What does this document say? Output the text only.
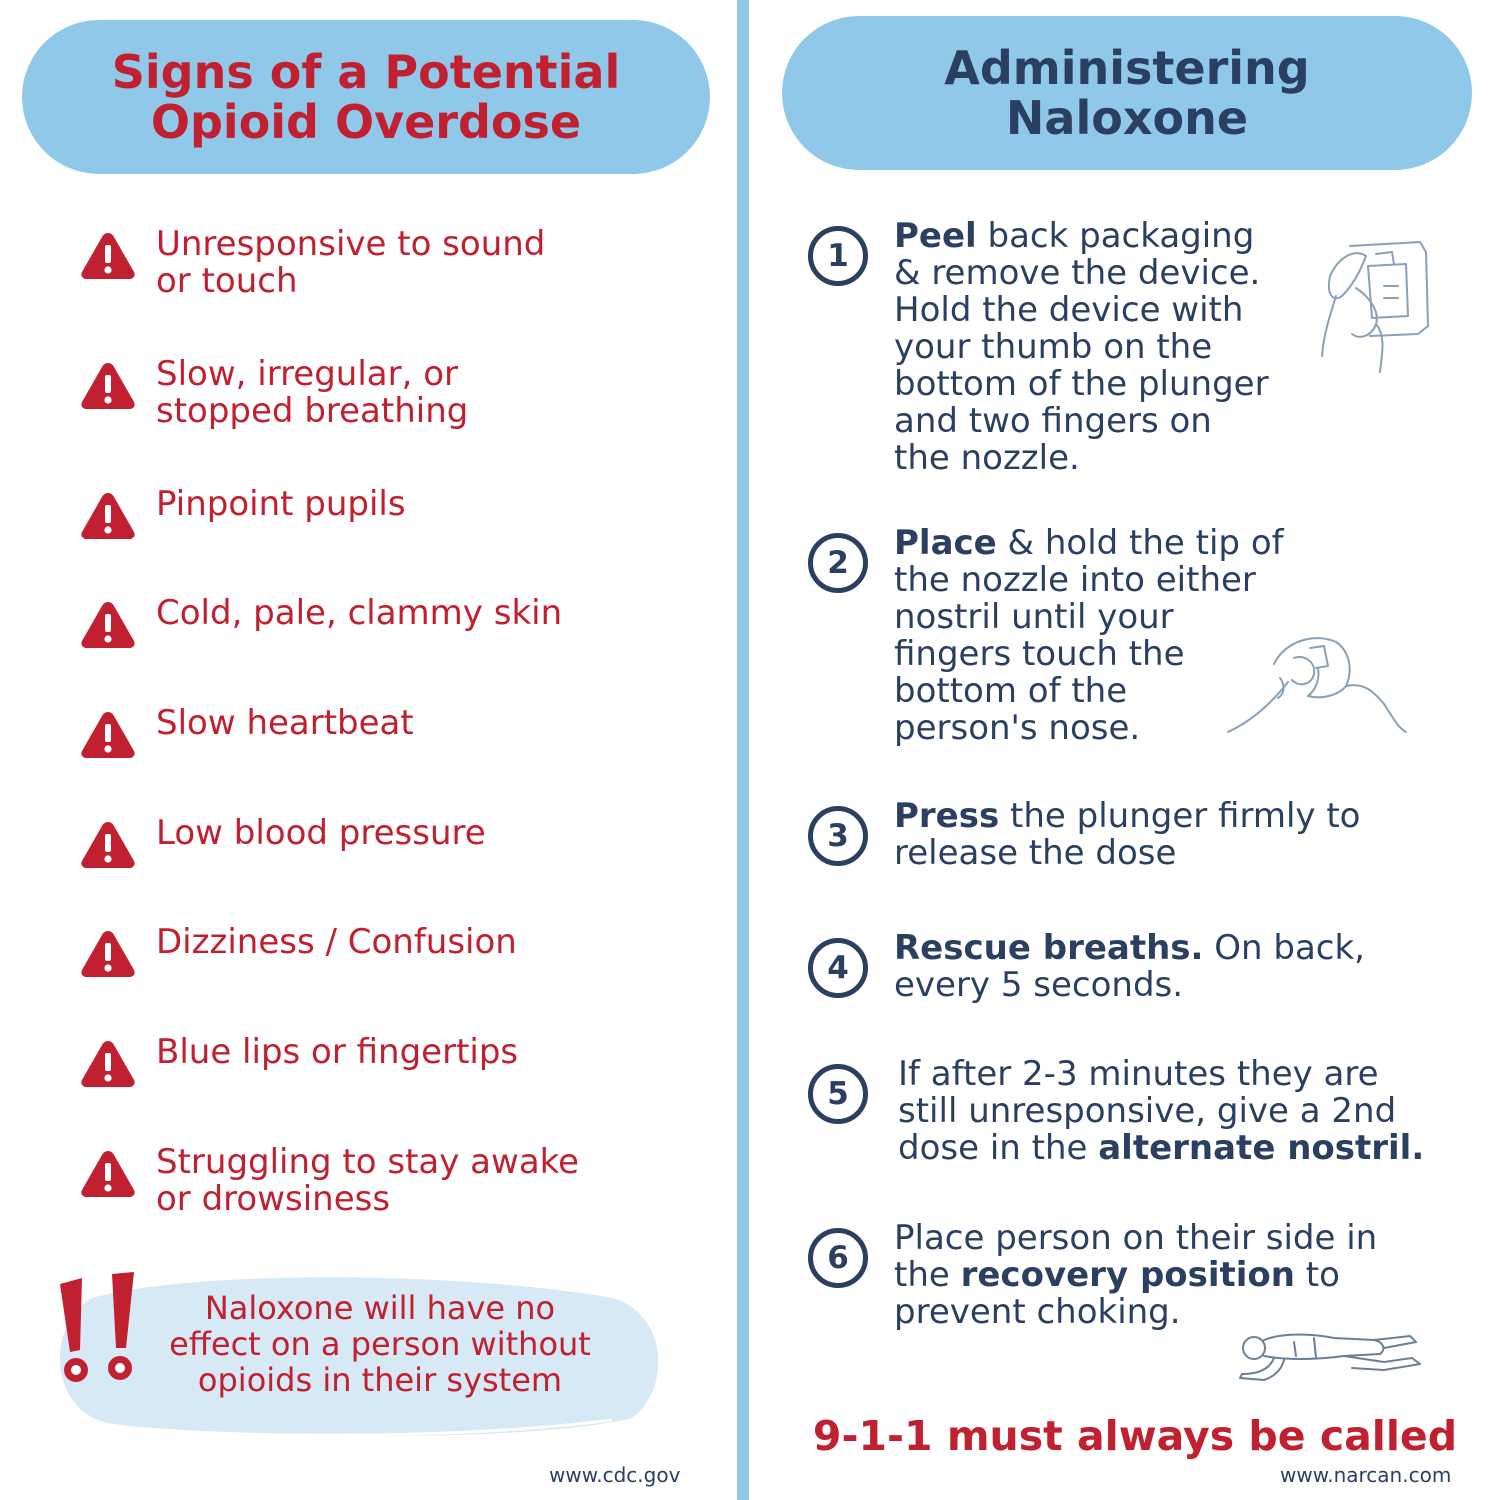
Signs of a Potential
Opioid Overdose
Unresponsive to sound
or touch
Slow, irregular, or
stopped breathing
Pinpoint pupils
Cold, pale, clammy skin
Slow heartbeat
Low blood pressure
Dizziness / Confusion
Blue lips or fingertips
Struggling to stay awake
or drowsiness
Naloxone will have no
effect on a person without
opioids in their system
www.cdc.gov
Administering
Naloxone
1	Peel back packaging
& remove the device.
Hold the device with
your thumb on the
bottom of the plunger
and two fingers on
the nozzle.
2	Place & hold the tip of
the nozzle into either
nostril until your
fingers touch the
bottom of the
person's nose.
3	Press the plunger firmly to
release the dose
4	Rescue breaths. On back,
every 5 seconds.
5	If after 2-3 minutes they are
still unresponsive, give a 2nd
dose in the alternate nostril.
6	Place person on their side in
the recovery position to
prevent choking.
9-1-1 must always be called
www.narcan.com
